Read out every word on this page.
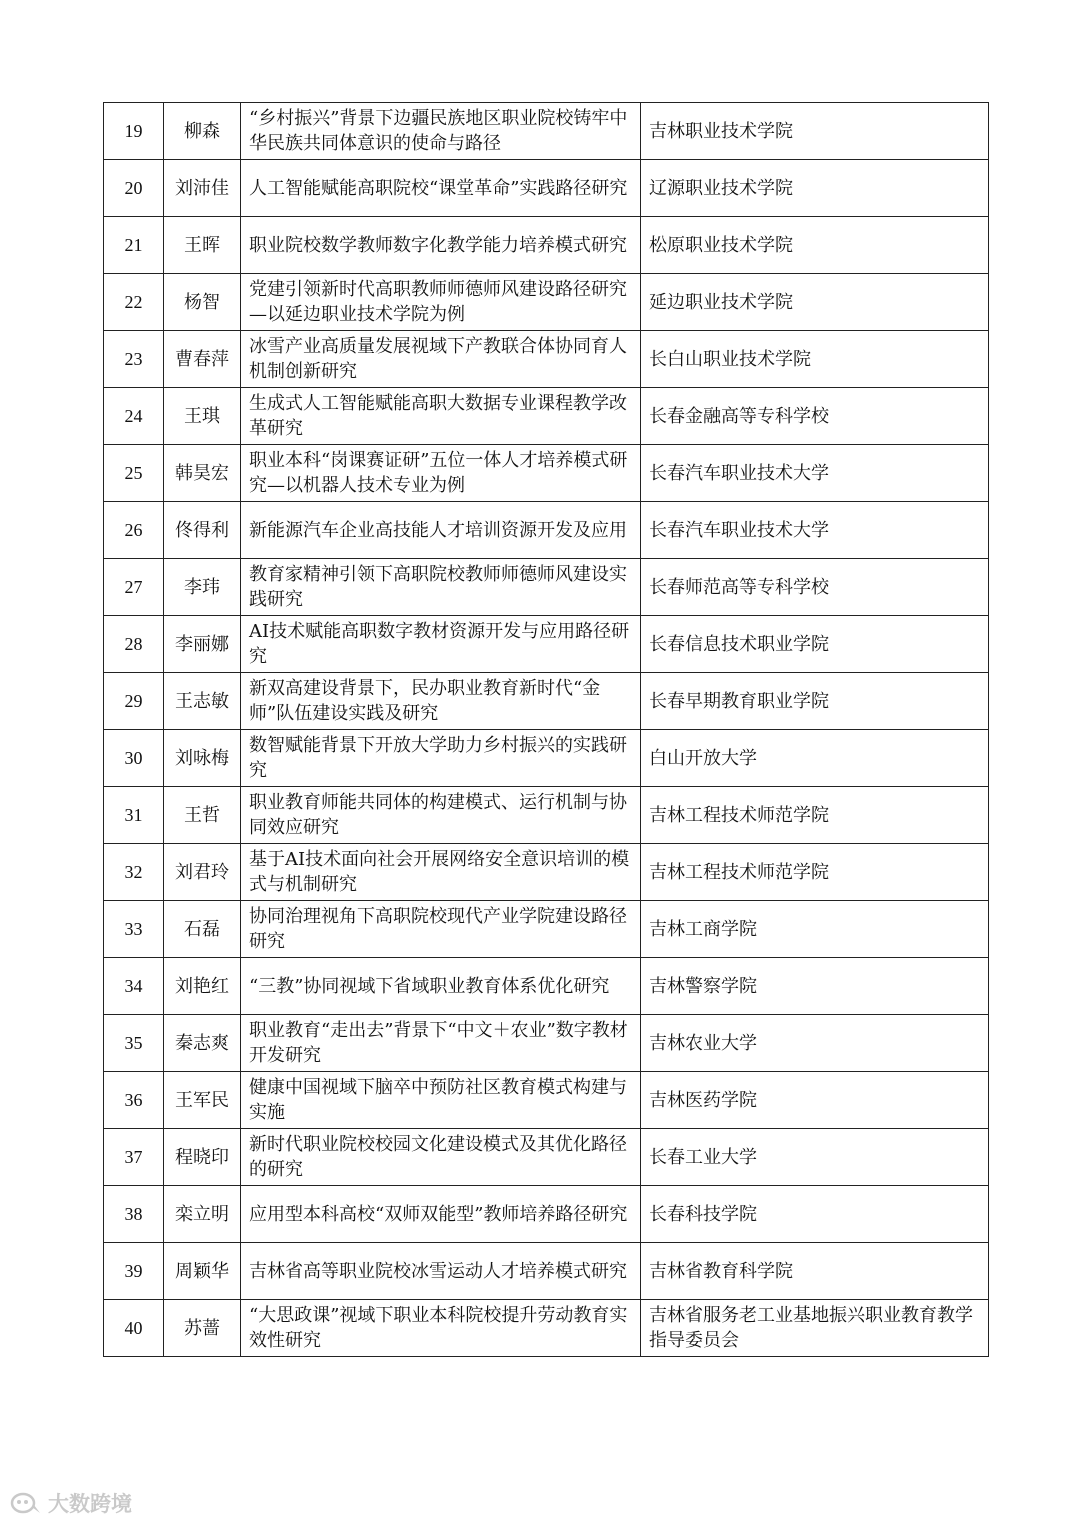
19	柳森	“乡村振兴”背景下边疆民族地区职业院校铸牢中华民族共同体意识的使命与路径	吉林职业技术学院
20	刘沛佳	人工智能赋能高职院校“课堂革命”实践路径研究	辽源职业技术学院
21	王晖	职业院校数学教师数字化教学能力培养模式研究	松原职业技术学院
22	杨智	党建引领新时代高职教师师德师风建设路径研究—以延边职业技术学院为例	延边职业技术学院
23	曹春萍	冰雪产业高质量发展视域下产教联合体协同育人机制创新研究	长白山职业技术学院
24	王琪	生成式人工智能赋能高职大数据专业课程教学改革研究	长春金融高等专科学校
25	韩昊宏	职业本科“岗课赛证研”五位一体人才培养模式研究—以机器人技术专业为例	长春汽车职业技术大学
26	佟得利	新能源汽车企业高技能人才培训资源开发及应用	长春汽车职业技术大学
27	李玮	教育家精神引领下高职院校教师师德师风建设实践研究	长春师范高等专科学校
28	李丽娜	AI技术赋能高职数字教材资源开发与应用路径研究	长春信息技术职业学院
29	王志敏	新双高建设背景下，民办职业教育新时代“金师”队伍建设实践及研究	长春早期教育职业学院
30	刘咏梅	数智赋能背景下开放大学助力乡村振兴的实践研究	白山开放大学
31	王哲	职业教育师能共同体的构建模式、运行机制与协同效应研究	吉林工程技术师范学院
32	刘君玲	基于AI技术面向社会开展网络安全意识培训的模式与机制研究	吉林工程技术师范学院
33	石磊	协同治理视角下高职院校现代产业学院建设路径研究	吉林工商学院
34	刘艳红	“三教”协同视域下省域职业教育体系优化研究	吉林警察学院
35	秦志爽	职业教育“走出去”背景下“中文＋农业”数字教材开发研究	吉林农业大学
36	王军民	健康中国视域下脑卒中预防社区教育模式构建与实施	吉林医药学院
37	程晓印	新时代职业院校校园文化建设模式及其优化路径的研究	长春工业大学
38	栾立明	应用型本科高校“双师双能型”教师培养路径研究	长春科技学院
39	周颖华	吉林省高等职业院校冰雪运动人才培养模式研究	吉林省教育科学院
40	苏蔷	“大思政课”视域下职业本科院校提升劳动教育实效性研究	吉林省服务老工业基地振兴职业教育教学指导委员会
大数跨境
